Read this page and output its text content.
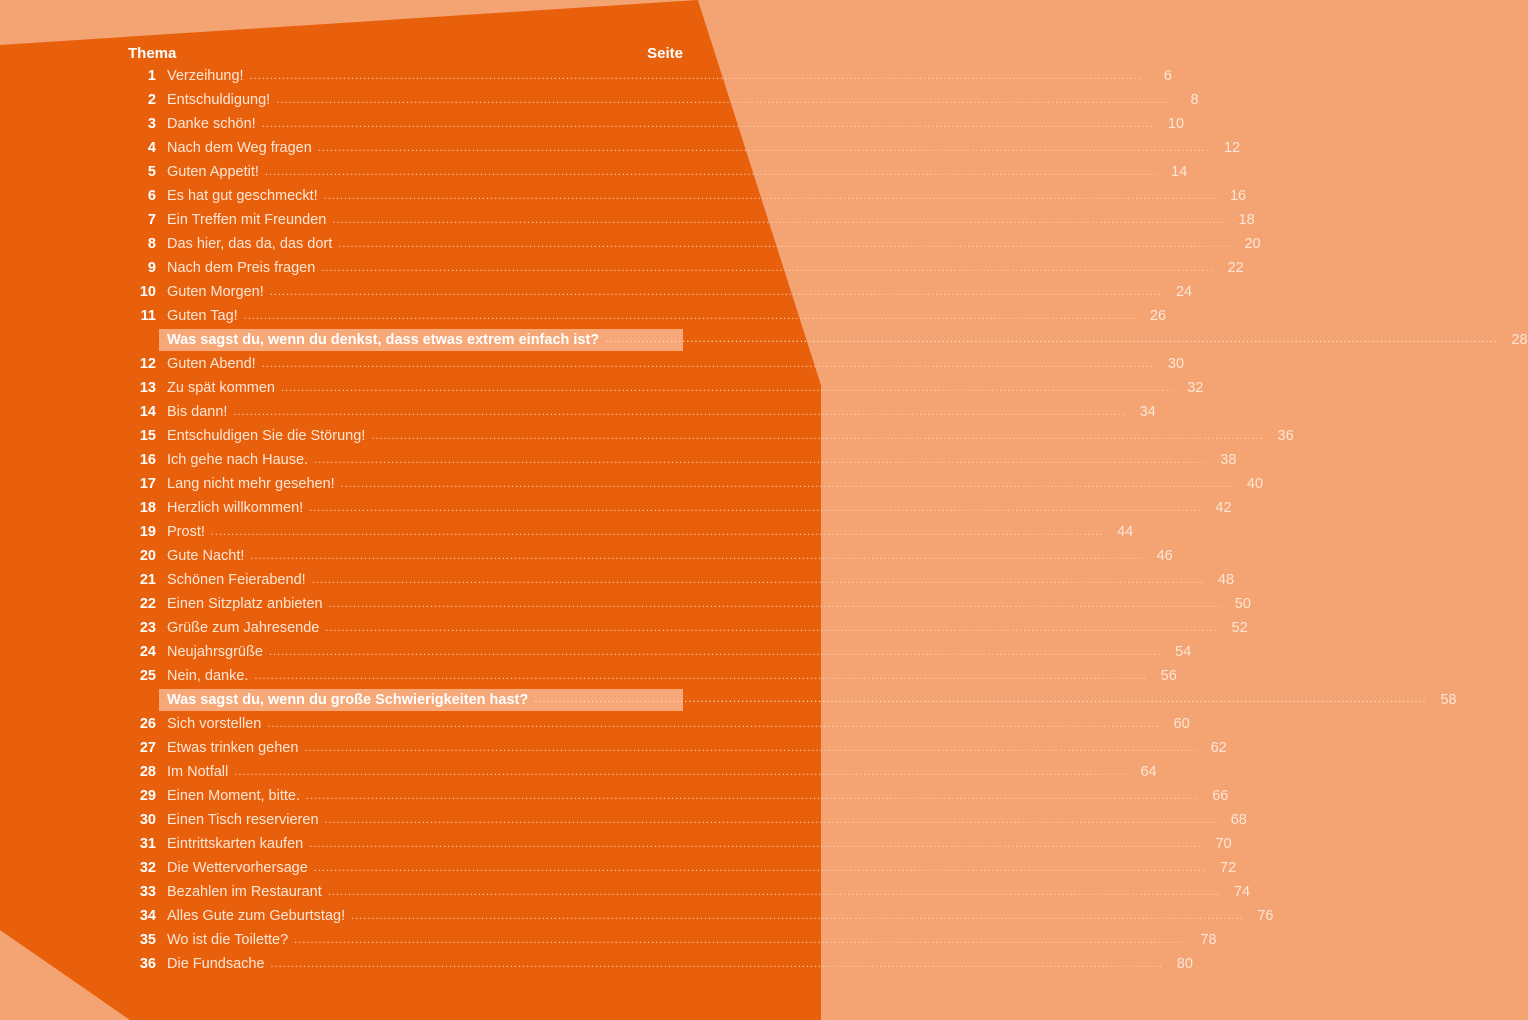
Thema	Seite
1 Verzeihung! ............................................................................................................................................................................................................................	6
2 Entschuldigung! ............................................................................................................................................................................................................................	8
3 Danke schön! ............................................................................................................................................................................................................................ 10
4 Nach dem Weg fragen ............................................................................................................................................................................................................................ 12
5 Guten Appetit! ............................................................................................................................................................................................................................ 14
6 Es hat gut geschmeckt! ............................................................................................................................................................................................................................ 16
7 Ein Treffen mit Freunden ............................................................................................................................................................................................................................ 18
8 Das hier, das da, das dort ............................................................................................................................................................................................................................ 20
9 Nach dem Preis fragen ............................................................................................................................................................................................................................ 22
10 Guten Morgen! ............................................................................................................................................................................................................................ 24
11 Guten Tag! ............................................................................................................................................................................................................................ 26
Was sagst du, wenn du denkst, dass etwas extrem einfach ist? ............................................................................................................................................................................................................................ 28
12 Guten Abend! ............................................................................................................................................................................................................................ 30
13 Zu spät kommen ............................................................................................................................................................................................................................ 32
14 Bis dann! ............................................................................................................................................................................................................................ 34
15 Entschuldigen Sie die Störung! ............................................................................................................................................................................................................................ 36
16 Ich gehe nach Hause. ............................................................................................................................................................................................................................ 38
17 Lang nicht mehr gesehen! ............................................................................................................................................................................................................................ 40
18 Herzlich willkommen! ............................................................................................................................................................................................................................ 42
19 Prost! ............................................................................................................................................................................................................................ 44
20 Gute Nacht! ............................................................................................................................................................................................................................ 46
21 Schönen Feierabend! ............................................................................................................................................................................................................................ 48
22 Einen Sitzplatz anbieten ............................................................................................................................................................................................................................ 50
23 Grüße zum Jahresende ............................................................................................................................................................................................................................ 52
24 Neujahrsgrüße ............................................................................................................................................................................................................................ 54
25 Nein, danke. ............................................................................................................................................................................................................................ 56
Was sagst du, wenn du große Schwierigkeiten hast? ............................................................................................................................................................................................................................ 58
26 Sich vorstellen ............................................................................................................................................................................................................................ 60
27 Etwas trinken gehen ............................................................................................................................................................................................................................ 62
28 Im Notfall ............................................................................................................................................................................................................................ 64
29 Einen Moment, bitte. ............................................................................................................................................................................................................................ 66
30 Einen Tisch reservieren ............................................................................................................................................................................................................................ 68
31 Eintrittskarten kaufen ............................................................................................................................................................................................................................ 70
32 Die Wettervorhersage ............................................................................................................................................................................................................................ 72
33 Bezahlen im Restaurant ............................................................................................................................................................................................................................ 74
34 Alles Gute zum Geburtstag! ............................................................................................................................................................................................................................ 76
35 Wo ist die Toilette? ............................................................................................................................................................................................................................ 78
36 Die Fundsache ............................................................................................................................................................................................................................ 80
